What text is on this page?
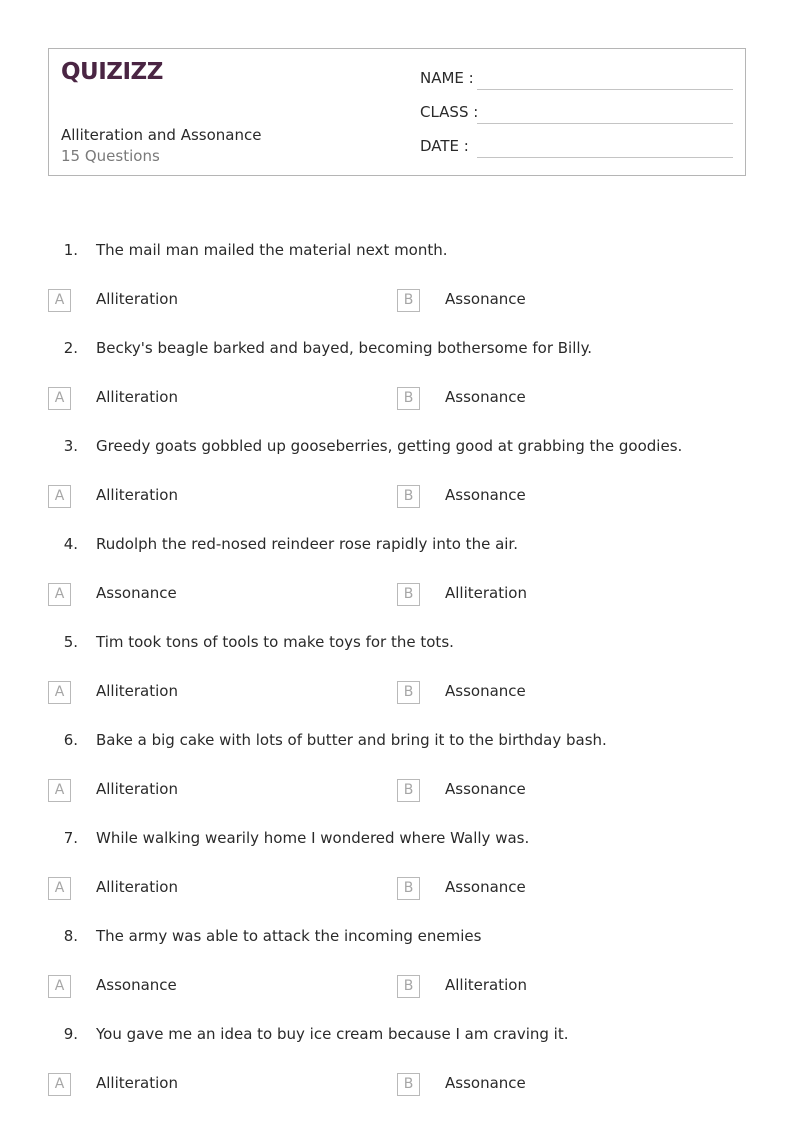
QUIZIZZ
Alliteration and Assonance
15 Questions
NAME :
CLASS :
DATE :
1. The mail man mailed the material next month.
A	Alliteration	B	Assonance
2. Becky's beagle barked and bayed, becoming bothersome for Billy.
A	Alliteration	B	Assonance
3. Greedy goats gobbled up gooseberries, getting good at grabbing the goodies.
A	Alliteration	B	Assonance
4. Rudolph the red-nosed reindeer rose rapidly into the air.
A	Assonance	B	Alliteration
5. Tim took tons of tools to make toys for the tots.
A	Alliteration	B	Assonance
6. Bake a big cake with lots of butter and bring it to the birthday bash.
A	Alliteration	B	Assonance
7. While walking wearily home I wondered where Wally was.
A	Alliteration	B	Assonance
8. The army was able to attack the incoming enemies
A	Assonance	B	Alliteration
9. You gave me an idea to buy ice cream because I am craving it.
A	Alliteration	B	Assonance
